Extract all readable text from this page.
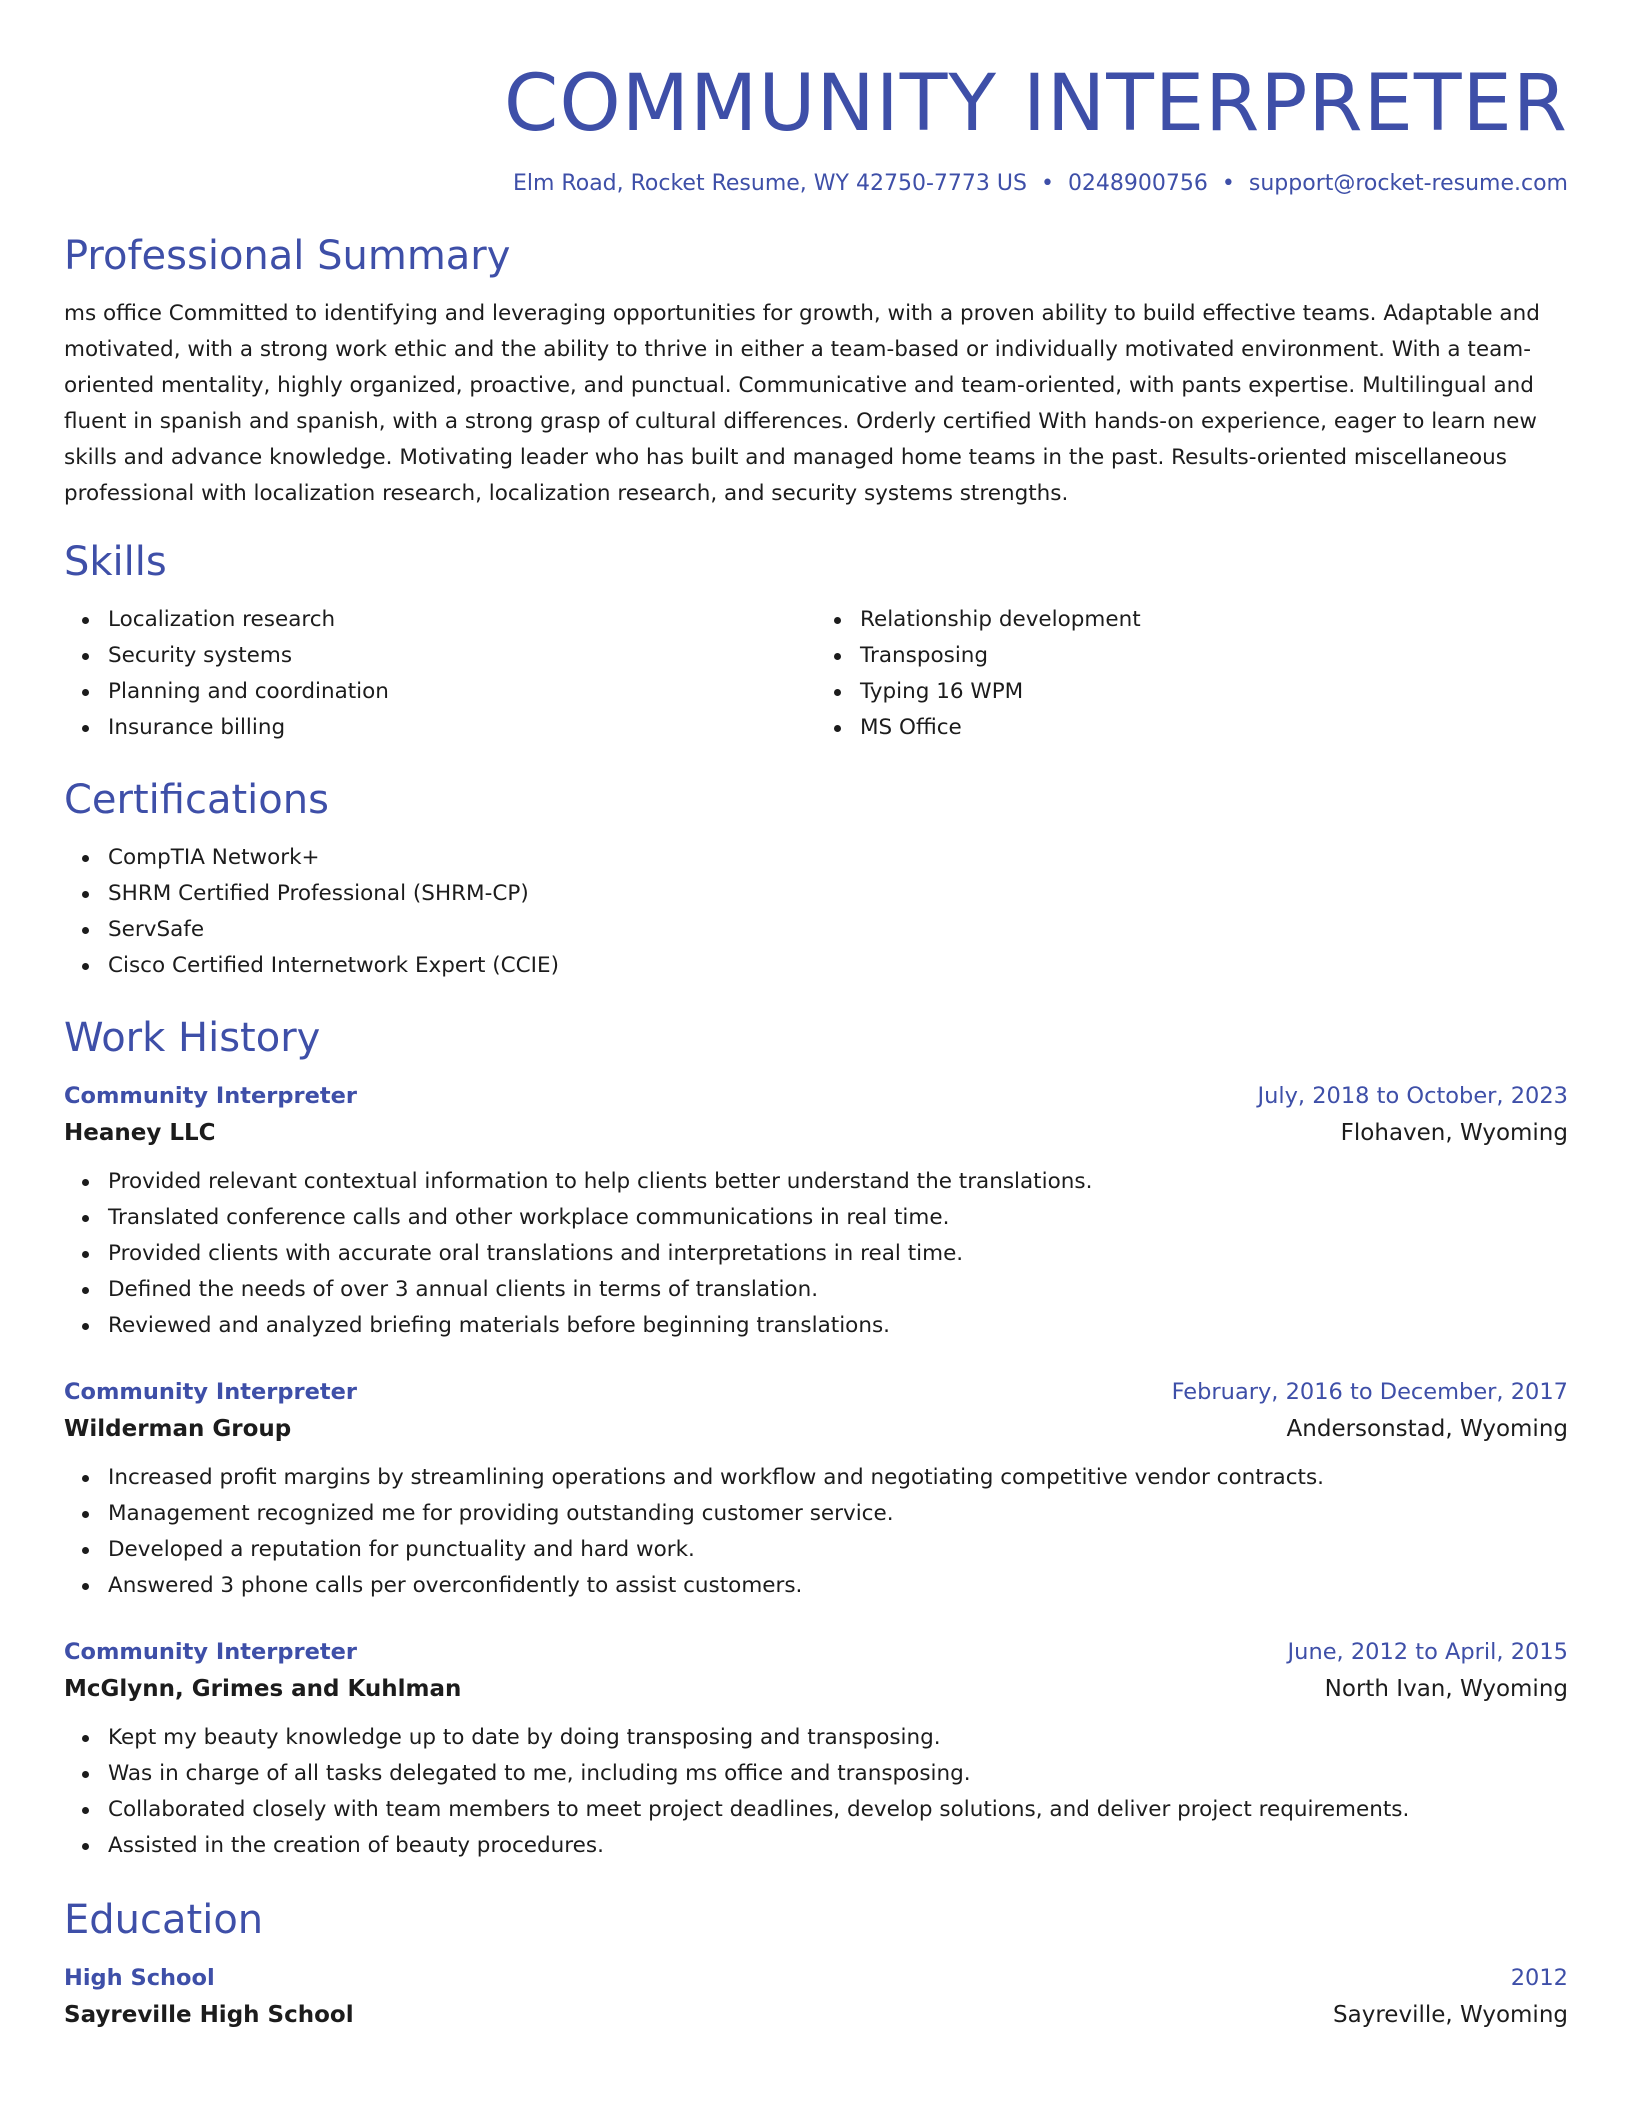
COMMUNITY INTERPRETER
Elm Road, Rocket Resume, WY 42750-7773 US • 0248900756 • support@rocket-resume.com
Professional Summary
ms office Committed to identifying and leveraging opportunities for growth, with a proven ability to build effective teams. Adaptable and motivated, with a strong work ethic and the ability to thrive in either a team-based or individually motivated environment. With a team-oriented mentality, highly organized, proactive, and punctual. Communicative and team-oriented, with pants expertise. Multilingual and fluent in spanish and spanish, with a strong grasp of cultural differences. Orderly certified With hands-on experience, eager to learn new skills and advance knowledge. Motivating leader who has built and managed home teams in the past. Results-oriented miscellaneous professional with localization research, localization research, and security systems strengths.
Skills
Localization research
Security systems
Planning and coordination
Insurance billing
Relationship development
Transposing
Typing 16 WPM
MS Office
Certifications
CompTIA Network+
SHRM Certified Professional (SHRM-CP)
ServSafe
Cisco Certified Internetwork Expert (CCIE)
Work History
Community Interpreter	July, 2018 to October, 2023
Heaney LLC	Flohaven, Wyoming
Provided relevant contextual information to help clients better understand the translations.
Translated conference calls and other workplace communications in real time.
Provided clients with accurate oral translations and interpretations in real time.
Defined the needs of over 3 annual clients in terms of translation.
Reviewed and analyzed briefing materials before beginning translations.
Community Interpreter	February, 2016 to December, 2017
Wilderman Group	Andersonstad, Wyoming
Increased profit margins by streamlining operations and workflow and negotiating competitive vendor contracts.
Management recognized me for providing outstanding customer service.
Developed a reputation for punctuality and hard work.
Answered 3 phone calls per overconfidently to assist customers.
Community Interpreter	June, 2012 to April, 2015
McGlynn, Grimes and Kuhlman	North Ivan, Wyoming
Kept my beauty knowledge up to date by doing transposing and transposing.
Was in charge of all tasks delegated to me, including ms office and transposing.
Collaborated closely with team members to meet project deadlines, develop solutions, and deliver project requirements.
Assisted in the creation of beauty procedures.
Education
High School	2012
Sayreville High School	Sayreville, Wyoming
